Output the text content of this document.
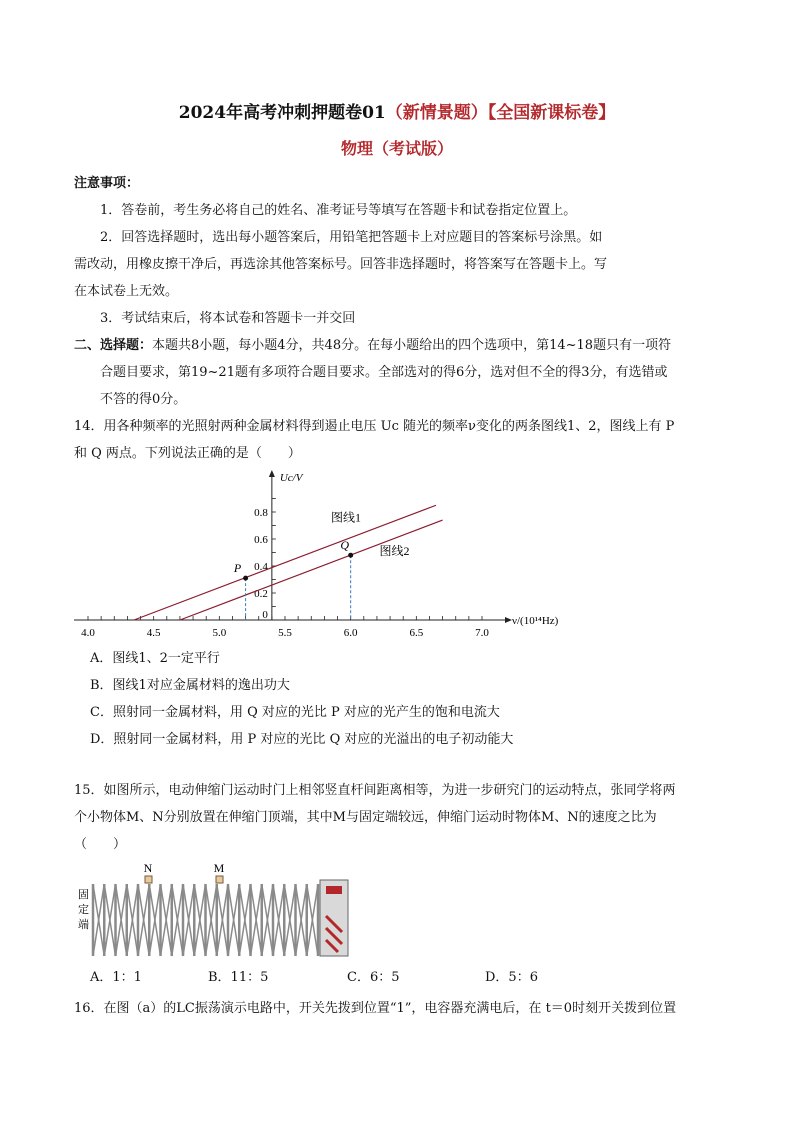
2024年高考冲刺押题卷01（新情景题）【全国新课标卷】
物理（考试版）
注意事项：
1．答卷前，考生务必将自己的姓名、准考证号等填写在答题卡和试卷指定位置上。
2．回答选择题时，选出每小题答案后，用铅笔把答题卡上对应题目的答案标号涂黑。如
需改动，用橡皮擦干净后，再选涂其他答案标号。回答非选择题时，将答案写在答题卡上。写
在本试卷上无效。
3．考试结束后，将本试卷和答题卡一并交回
二、选择题：本题共8小题，每小题4分，共48分。在每小题给出的四个选项中，第14~18题只有一项符
合题目要求，第19~21题有多项符合题目要求。全部选对的得6分，选对但不全的得3分，有选错或
不答的得0分。
14．用各种频率的光照射两种金属材料得到遏止电压 Uc 随光的频率ν变化的两条图线1、2，图线上有 P
和 Q 两点。下列说法正确的是（　　）
4.0	4.5	5.0	5.5	6.0	6.5	7.0
0
0.2
0.4
0.6
0.8
Uc/V
ν/(10¹⁴Hz)
图线1
图线2
P
Q
A．图线1、2一定平行
B．图线1对应金属材料的逸出功大
C．照射同一金属材料，用 Q 对应的光比 P 对应的光产生的饱和电流大
D．照射同一金属材料，用 P 对应的光比 Q 对应的光溢出的电子初动能大
15．如图所示，电动伸缩门运动时门上相邻竖直杆间距离相等，为进一步研究门的运动特点，张同学将两
个小物体M、N分别放置在伸缩门顶端，其中M与固定端较远，伸缩门运动时物体M、N的速度之比为
（　　）
N	M
固
定
端
A．1：1	B．11：5	C．6：5	D．5：6
16．在图（a）的LC振荡演示电路中，开关先拨到位置“1”，电容器充满电后，在 t＝0时刻开关拨到位置
